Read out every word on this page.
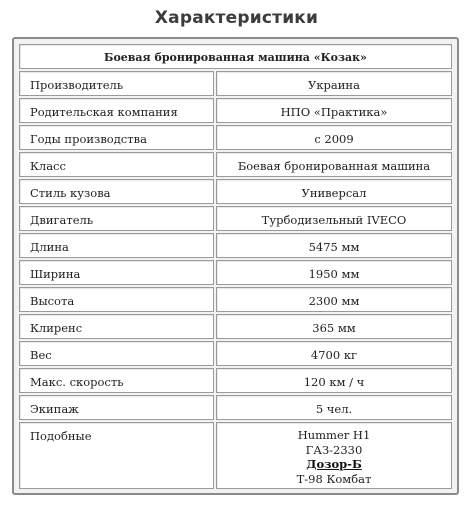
Характеристики
Боевая бронированная машина «Козак»
Производитель	Украина
Родительская компания	НПО «Практика»
Годы производства	с 2009
Класс	Боевая бронированная машина
Стиль кузова	Универсал
Двигатель	Турбодизельный IVECO
Длина	5475 мм
Ширина	1950 мм
Высота	2300 мм
Клиренс	365 мм
Вес	4700 кг
Макс. скорость	120 км / ч
Экипаж	5 чел.
Подобные	Hummer H1
ГАЗ-2330
Дозор-Б
Т-98 Комбат
